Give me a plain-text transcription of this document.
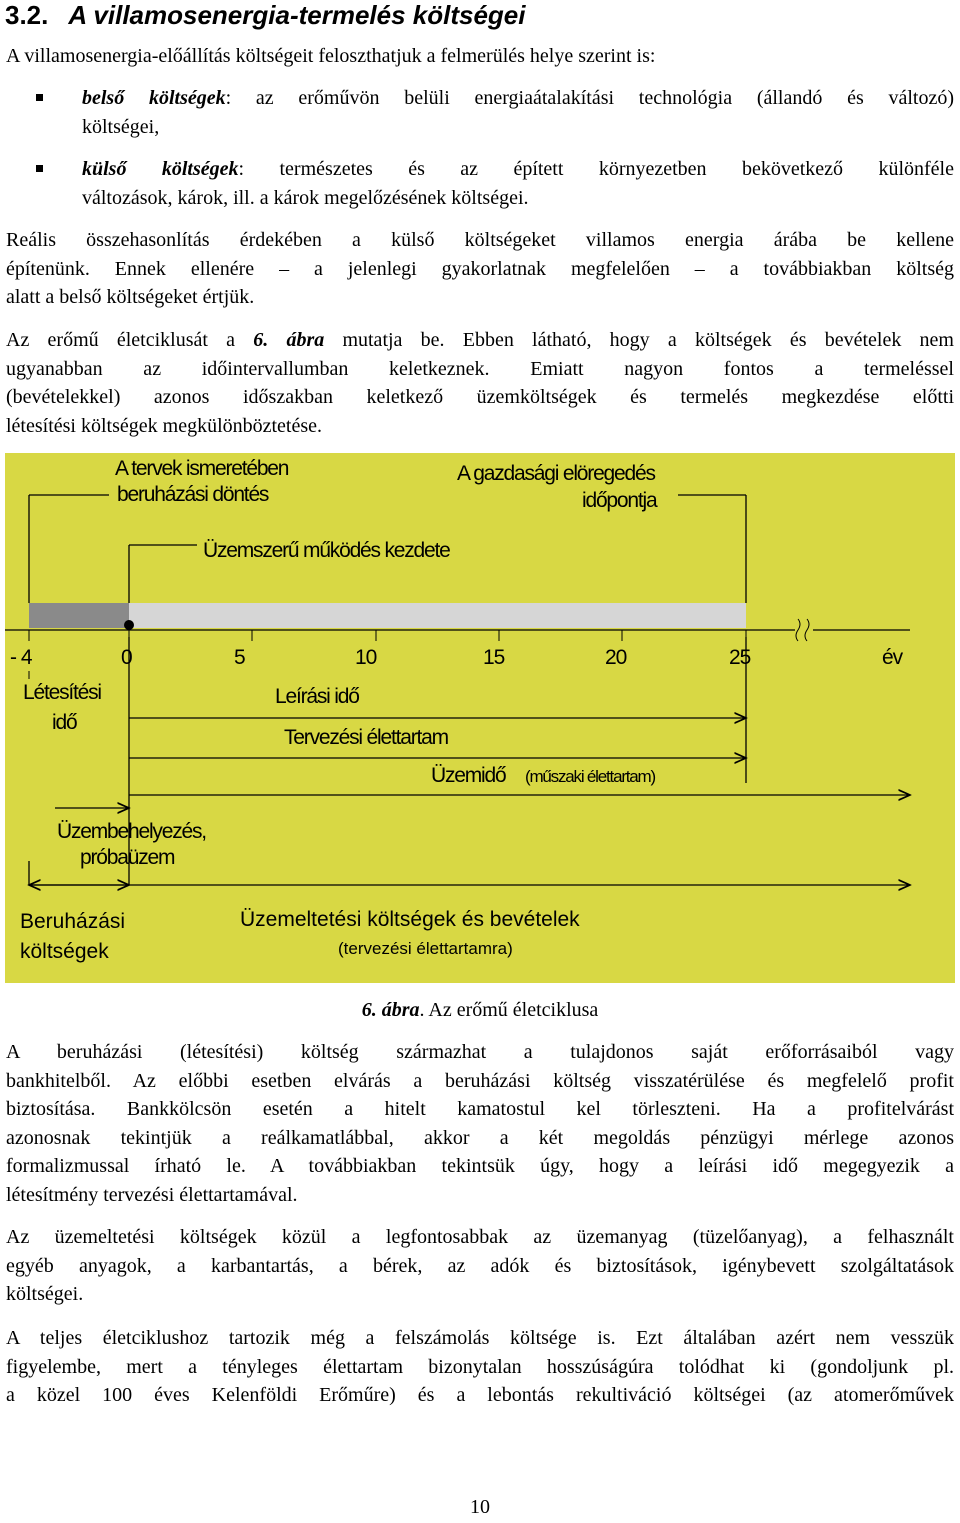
3.2. A villamosenergia-termelés költségei

A villamosenergia-előállítás költségeit feloszthatjuk a felmerülés helye szerint is:

belső költségek: az erőművön belüli energiaátalakítási technológia (állandó és változó)
költségei,
külső költségek: természetes és az épített környezetben bekövetkező különféle
változások, károk, ill. a károk megelőzésének költségei.
Reális összehasonlítás érdekében a külső költségeket villamos energia árába be kellene
építenünk. Ennek ellenére – a jelenlegi gyakorlatnak megfelelően – a továbbiakban költség
alatt a belső költségeket értjük.
Az erőmű életciklusát a 6. ábra mutatja be. Ebben látható, hogy a költségek és bevételek nem
ugyanabban az időintervallumban keletkeznek. Emiatt nagyon fontos a termeléssel
(bevételekkel) azonos időszakban keletkező üzemköltségek és termelés megkezdése előtti
létesítési költségek megkülönböztetése.
A tervek ismeretében
beruházási döntés
A gazdasági elöregedés
időpontja
Üzemszerű működés kezdete
- 4	0	5	10	15	20	25	év
Létesítési
idő
Leírási idő
Tervezési élettartam
Üzemidő (műszaki élettartam)
Üzembehelyezés,
próbaüzem
Beruházási
költségek
Üzemeltetési költségek és bevételek
(tervezési élettartamra)
6. ábra. Az erőmű életciklusa
A beruházási (létesítési) költség származhat a tulajdonos saját erőforrásaiból vagy
bankhitelből. Az előbbi esetben elvárás a beruházási költség visszatérülése és megfelelő profit
biztosítása. Bankkölcsön esetén a hitelt kamatostul kel törleszteni. Ha a profitelvárást
azonosnak tekintjük a reálkamatlábbal, akkor a két megoldás pénzügyi mérlege azonos
formalizmussal írható le. A továbbiakban tekintsük úgy, hogy a leírási idő megegyezik a
létesítmény tervezési élettartamával.
Az üzemeltetési költségek közül a legfontosabbak az üzemanyag (tüzelőanyag), a felhasznált
egyéb anyagok, a karbantartás, a bérek, az adók és biztosítások, igénybevett szolgáltatások
költségei.
A teljes életciklushoz tartozik még a felszámolás költsége is. Ezt általában azért nem vesszük
figyelembe, mert a tényleges élettartam bizonytalan hosszúságúra tolódhat ki (gondoljunk pl.
a közel 100 éves Kelenföldi Erőműre) és a lebontás rekultiváció költségei (az atomerőművek
10
